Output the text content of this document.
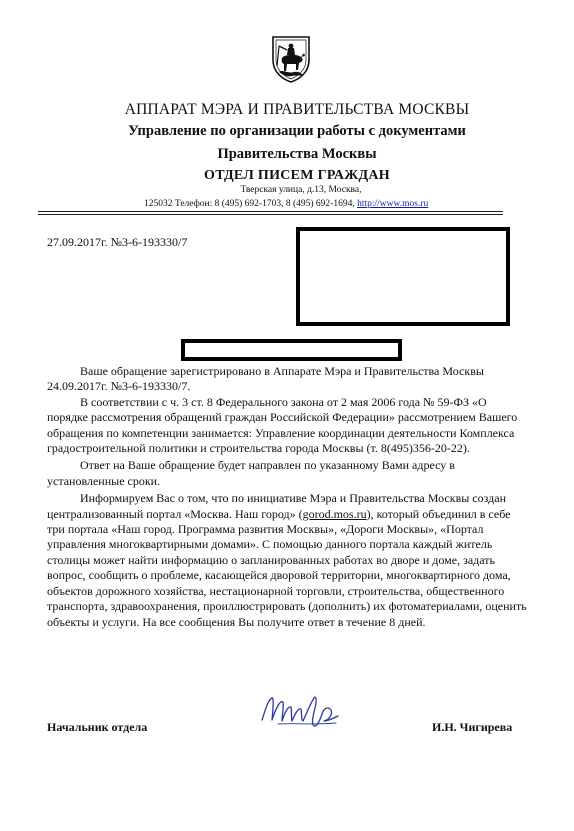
АППАРАТ МЭРА И ПРАВИТЕЛЬСТВА МОСКВЫ
Управление по организации работы с документами
Правительства Москвы
ОТДЕЛ ПИСЕМ ГРАЖДАН
Тверская улица, д.13, Москва,
125032 Телефон: 8 (495) 692-1703, 8 (495) 692-1694, http://www.mos.ru
27.09.2017г. №3-6-193330/7

Ваше обращение зарегистрировано в Аппарате Мэра и Правительства Москвы 24.09.2017г. №3-6-193330/7.

В соответствии с ч. 3 ст. 8 Федерального закона от 2 мая 2006 года № 59-ФЗ «О порядке рассмотрения обращений граждан Российской Федерации» рассмотрением Вашего обращения по компетенции занимается: Управление координации деятельности Комплекса градостроительной политики и строительства города Москвы (т. 8(495)356-20-22).

Ответ на Ваше обращение будет направлен по указанному Вами адресу в установленные сроки.

Информируем Вас о том, что по инициативе Мэра и Правительства Москвы создан централизованный портал «Москва. Наш город» (gorod.mos.ru), который объединил в себе три портала «Наш город. Программа развития Москвы», «Дороги Москвы», «Портал управления многоквартирными домами». С помощью данного портала каждый житель столицы может найти информацию о запланированных работах во дворе и доме, задать вопрос, сообщить о проблеме, касающейся дворовой территории, многоквартирного дома, объектов дорожного хозяйства, нестационарной торговли, строительства, общественного транспорта, здравоохранения, проиллюстрировать (дополнить) их фотоматериалами, оценить объекты и услуги. На все сообщения Вы получите ответ в течение 8 дней.

Начальник отдела	И.Н. Чигирева
